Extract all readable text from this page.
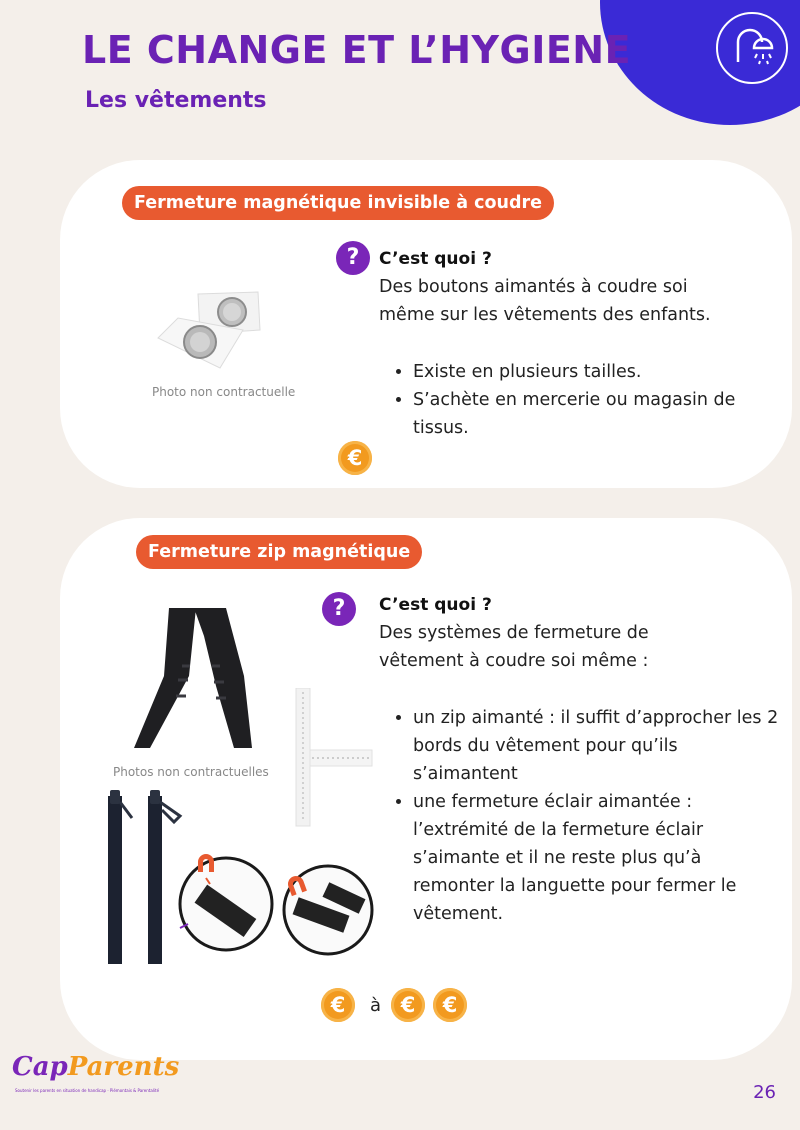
LE CHANGE ET L’HYGIENE
Les vêtements
Fermeture magnétique invisible à coudre
Photo non contractuelle
?	C’est quoi ?

Des boutons aimantés à coudre soi même sur les vêtements des enfants.

• Existe en plusieurs tailles.
• S’achète en mercerie ou magasin de tissus.
€
Fermeture zip magnétique
Photos non contractuelles
?	C’est quoi ?

Des systèmes de fermeture de vêtement à coudre soi même :

• un zip aimanté : il suffit d’approcher les 2 bords du vêtement pour qu’ils s’aimantent
• une fermeture éclair aimantée : l’extrémité de la fermeture éclair s’aimante et il ne reste plus qu’à remonter la languette pour fermer le vêtement.
€	à €	€
CapParents
Soutenir les parents en situation de handicap · Piémontais & Parentalité	26
